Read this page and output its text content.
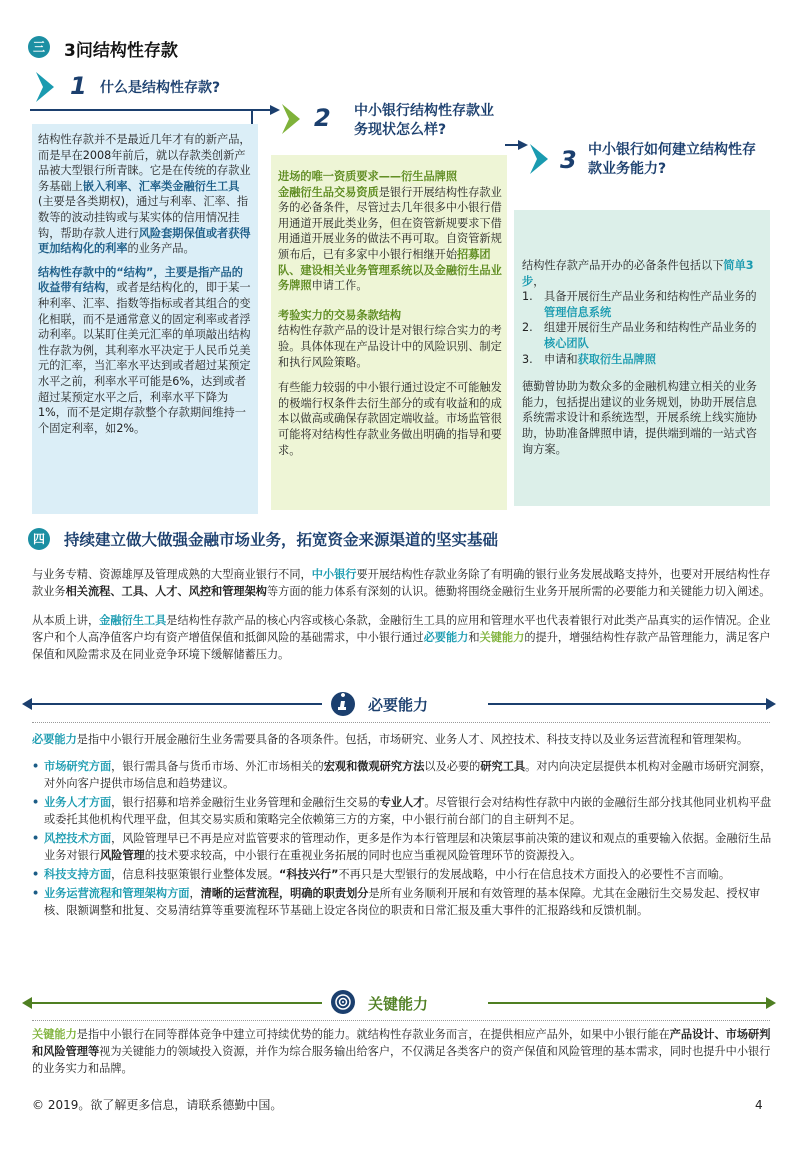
三 3问结构性存款
1 什么是结构性存款?
2 中小银行结构性存款业务现状怎么样?
3 中小银行如何建立结构性存款业务能力?

结构性存款并不是最近几年才有的新产品，而是早在2008年前后，就以存款类创新产品被大型银行所青睐。它是在传统的存款业务基础上嵌入利率、汇率类金融衍生工具(主要是各类期权)，通过与利率、汇率、指数等的波动挂钩或与某实体的信用情况挂钩，帮助存款人进行风险套期保值或者获得更加结构化的利率的业务产品。

结构性存款中的“结构”，主要是指产品的收益带有结构，或者是结构化的，即于某一种利率、汇率、指数等指标或者其组合的变化相联，而不是通常意义的固定利率或者浮动利率。以某盯住美元汇率的单项敲出结构性存款为例，其利率水平决定于人民币兑美元的汇率，当汇率水平达到或者超过某预定水平之前，利率水平可能是6%，达到或者超过某预定水平之后，利率水平下降为1%，而不是定期存款整个存款期间维持一个固定利率，如2%。

进场的唯一资质要求——衍生品牌照

金融衍生品交易资质是银行开展结构性存款业务的必备条件，尽管过去几年很多中小银行借用通道开展此类业务，但在资管新规要求下借用通道开展业务的做法不再可取。自资管新规颁布后，已有多家中小银行相继开始招募团队、建设相关业务管理系统以及金融衍生品业务牌照申请工作。

考验实力的交易条款结构

结构性存款产品的设计是对银行综合实力的考验。具体体现在产品设计中的风险识别、制定和执行风险策略。

有些能力较弱的中小银行通过设定不可能触发的极端行权条件去衍生部分的或有收益和的成本以做高或确保存款固定端收益。市场监管很可能将对结构性存款业务做出明确的指导和要求。

结构性存款产品开办的必备条件包括以下简单3步，
1.	具备开展衍生产品业务和结构性产品业务的管理信息系统
2.	组建开展衍生产品业务和结构性产品业务的核心团队
3.	申请和获取衍生品牌照

德勤曾协助为数众多的金融机构建立相关的业务能力，包括提出建议的业务规划，协助开展信息系统需求设计和系统选型，开展系统上线实施协助，协助准备牌照申请，提供端到端的一站式咨询方案。

四	持续建立做大做强金融市场业务，拓宽资金来源渠道的坚实基础

与业务专精、资源雄厚及管理成熟的大型商业银行不同，中小银行要开展结构性存款业务除了有明确的银行业务发展战略支持外，也要对开展结构性存款业务相关流程、工具、人才、风控和管理架构等方面的能力体系有深刻的认识。德勤将围绕金融衍生业务开展所需的必要能力和关键能力切入阐述。

从本质上讲，金融衍生工具是结构性存款产品的核心内容或核心条款，金融衍生工具的应用和管理水平也代表着银行对此类产品真实的运作情况。企业客户和个人高净值客户均有资产增值保值和抵御风险的基础需求，中小银行通过必要能力和关键能力的提升，增强结构性存款产品管理能力，满足客户保值和风险需求及在同业竞争环境下缓解储蓄压力。

必要能力

必要能力是指中小银行开展金融衍生业务需要具备的各项条件。包括，市场研究、业务人才、风控技术、科技支持以及业务运营流程和管理架构。

• 市场研究方面，银行需具备与货币市场、外汇市场相关的宏观和微观研究方法以及必要的研究工具。对内向决定层提供本机构对金融市场研究洞察，对外向客户提供市场信息和趋势建议。
• 业务人才方面，银行招募和培养金融衍生业务管理和金融衍生交易的专业人才。尽管银行会对结构性存款中内嵌的金融衍生部分找其他同业机构平盘或委托其他机构代理平盘，但其交易实质和策略完全依赖第三方的方案，中小银行前台部门的自主研判不足。
• 风控技术方面，风险管理早已不再是应对监管要求的管理动作，更多是作为本行管理层和决策层事前决策的建议和观点的重要输入依据。金融衍生品业务对银行风险管理的技术要求较高，中小银行在重视业务拓展的同时也应当重视风险管理环节的资源投入。
• 科技支持方面，信息科技驱策银行业整体发展。“科技兴行”不再只是大型银行的发展战略，中小行在信息技术方面投入的必要性不言而喻。
• 业务运营流程和管理架构方面，清晰的运营流程，明确的职责划分是所有业务顺利开展和有效管理的基本保障。尤其在金融衍生交易发起、授权审核、限额调整和批复、交易清结算等重要流程环节基础上设定各岗位的职责和日常汇报及重大事件的汇报路线和反馈机制。
关键能力

关键能力是指中小银行在同等群体竞争中建立可持续优势的能力。就结构性存款业务而言，在提供相应产品外，如果中小银行能在产品设计、市场研判和风险管理等视为关键能力的领域投入资源，并作为综合服务输出给客户，不仅满足各类客户的资产保值和风险管理的基本需求，同时也提升中小银行的业务实力和品牌。

© 2019。欲了解更多信息，请联系德勤中国。	4
